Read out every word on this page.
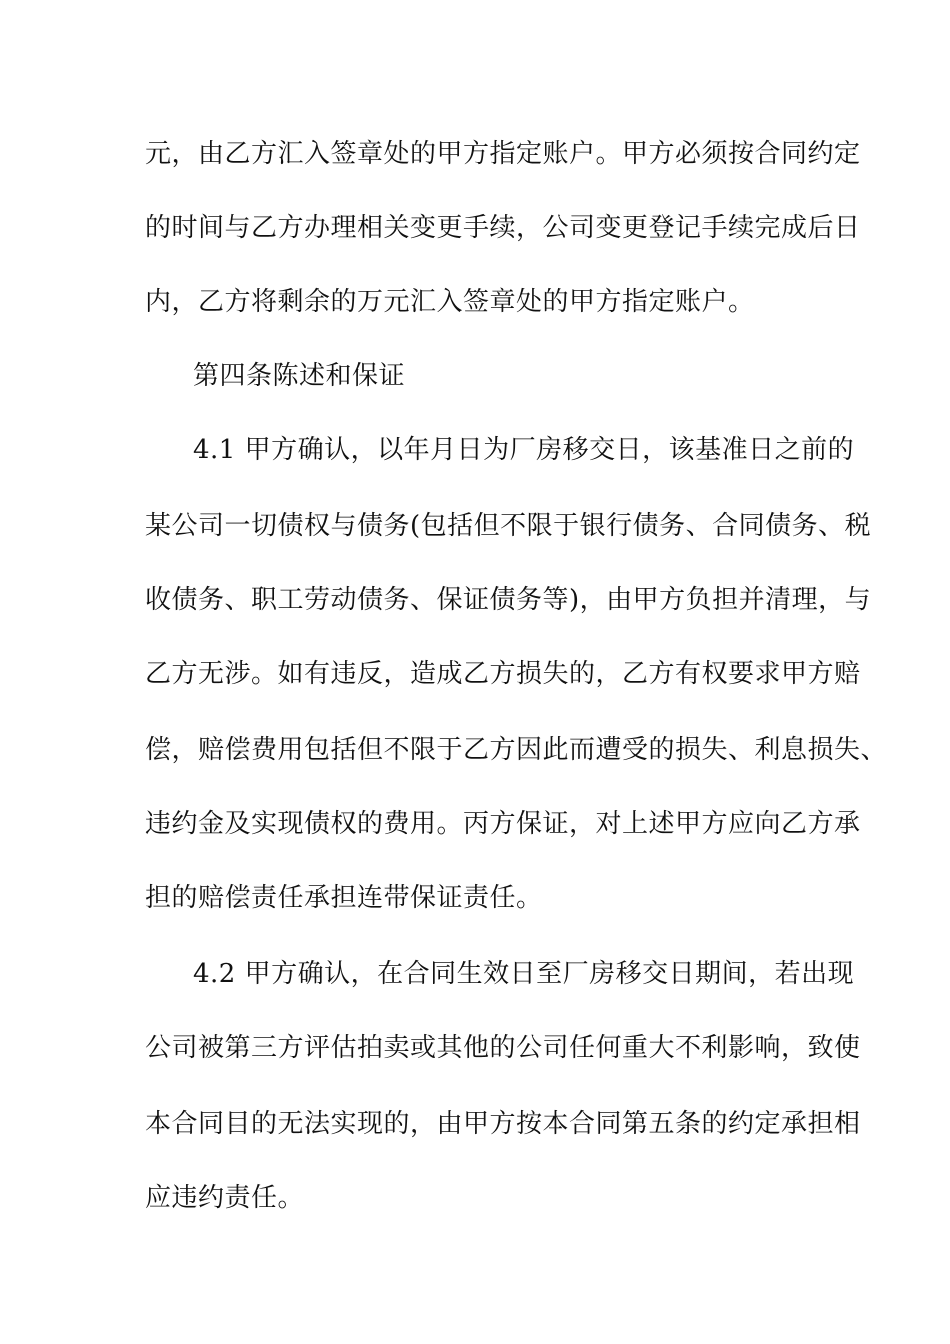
元，由乙方汇入签章处的甲方指定账户。甲方必须按合同约定
的时间与乙方办理相关变更手续，公司变更登记手续完成后日
内，乙方将剩余的万元汇入签章处的甲方指定账户。
第四条陈述和保证
4.1 甲方确认，以年月日为厂房移交日，该基准日之前的
某公司一切债权与债务(包括但不限于银行债务、合同债务、税
收债务、职工劳动债务、保证债务等)，由甲方负担并清理，与
乙方无涉。如有违反，造成乙方损失的，乙方有权要求甲方赔
偿，赔偿费用包括但不限于乙方因此而遭受的损失、利息损失、
违约金及实现债权的费用。丙方保证，对上述甲方应向乙方承
担的赔偿责任承担连带保证责任。
4.2 甲方确认，在合同生效日至厂房移交日期间，若出现
公司被第三方评估拍卖或其他的公司任何重大不利影响，致使
本合同目的无法实现的，由甲方按本合同第五条的约定承担相
应违约责任。
